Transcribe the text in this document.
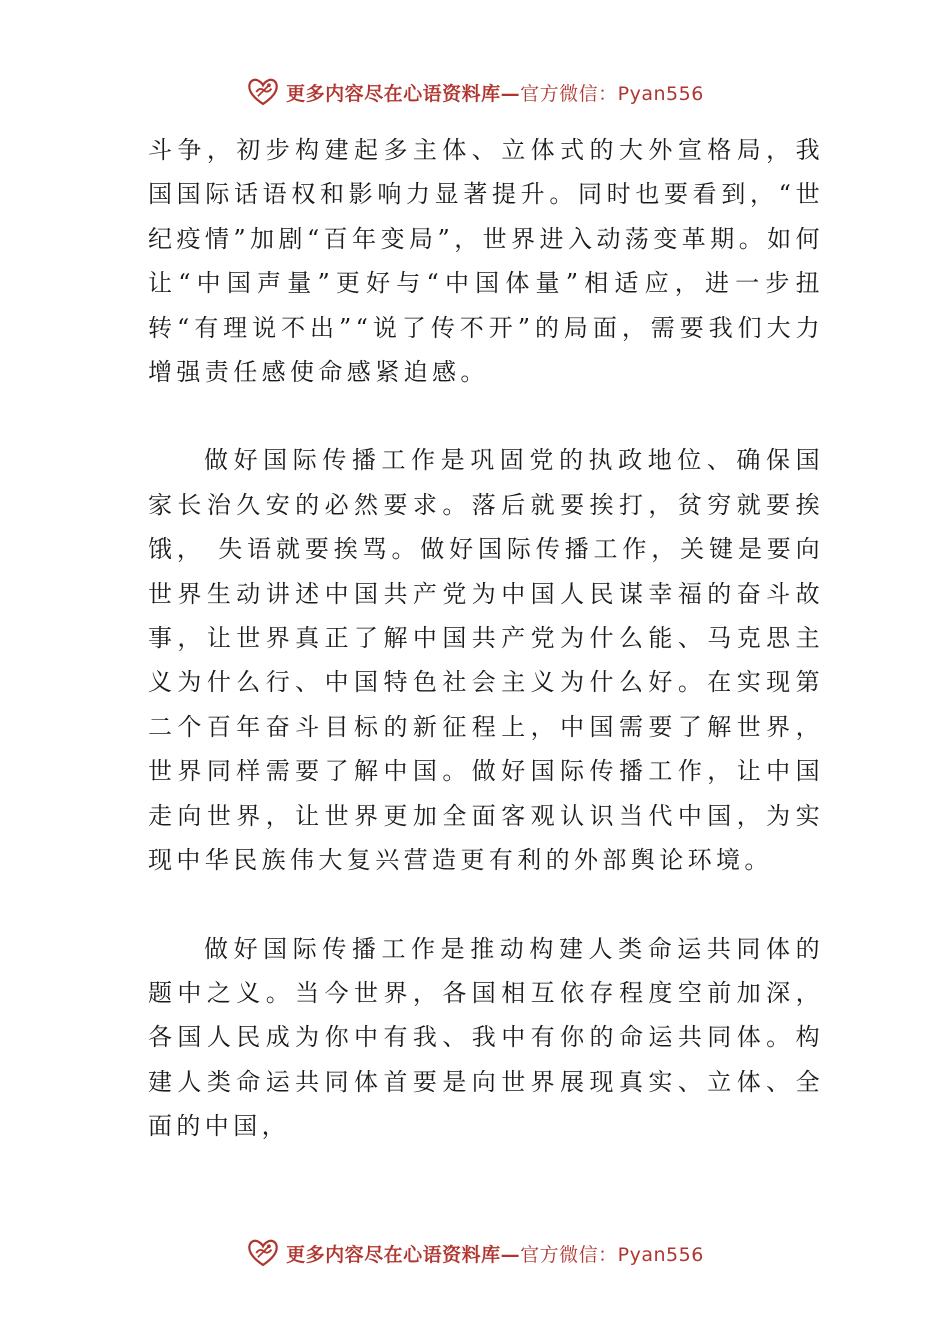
更多内容尽在心语资料库—官方微信：Pyan556

斗争，初步构建起多主体、立体式的大外宣格局，我国国际话语权和影响力显著提升。同时也要看到，“世纪疫情”加剧“百年变局”，世界进入动荡变革期。如何让“中国声量”更好与“中国体量”相适应，进一步扭转“有理说不出”“说了传不开”的局面，需要我们大力增强责任感使命感紧迫感。

做好国际传播工作是巩固党的执政地位、确保国家长治久安的必然要求。落后就要挨打，贫穷就要挨饿， 失语就要挨骂。做好国际传播工作，关键是要向世界生动讲述中国共产党为中国人民谋幸福的奋斗故事，让世界真正了解中国共产党为什么能、马克思主义为什么行、中国特色社会主义为什么好。在实现第二个百年奋斗目标的新征程上，中国需要了解世界，世界同样需要了解中国。做好国际传播工作，让中国走向世界，让世界更加全面客观认识当代中国，为实现中华民族伟大复兴营造更有利的外部舆论环境。

做好国际传播工作是推动构建人类命运共同体的题中之义。当今世界，各国相互依存程度空前加深，各国人民成为你中有我、我中有你的命运共同体。构建人类命运共同体首要是向世界展现真实、立体、全面的中国，

更多内容尽在心语资料库—官方微信：Pyan556
